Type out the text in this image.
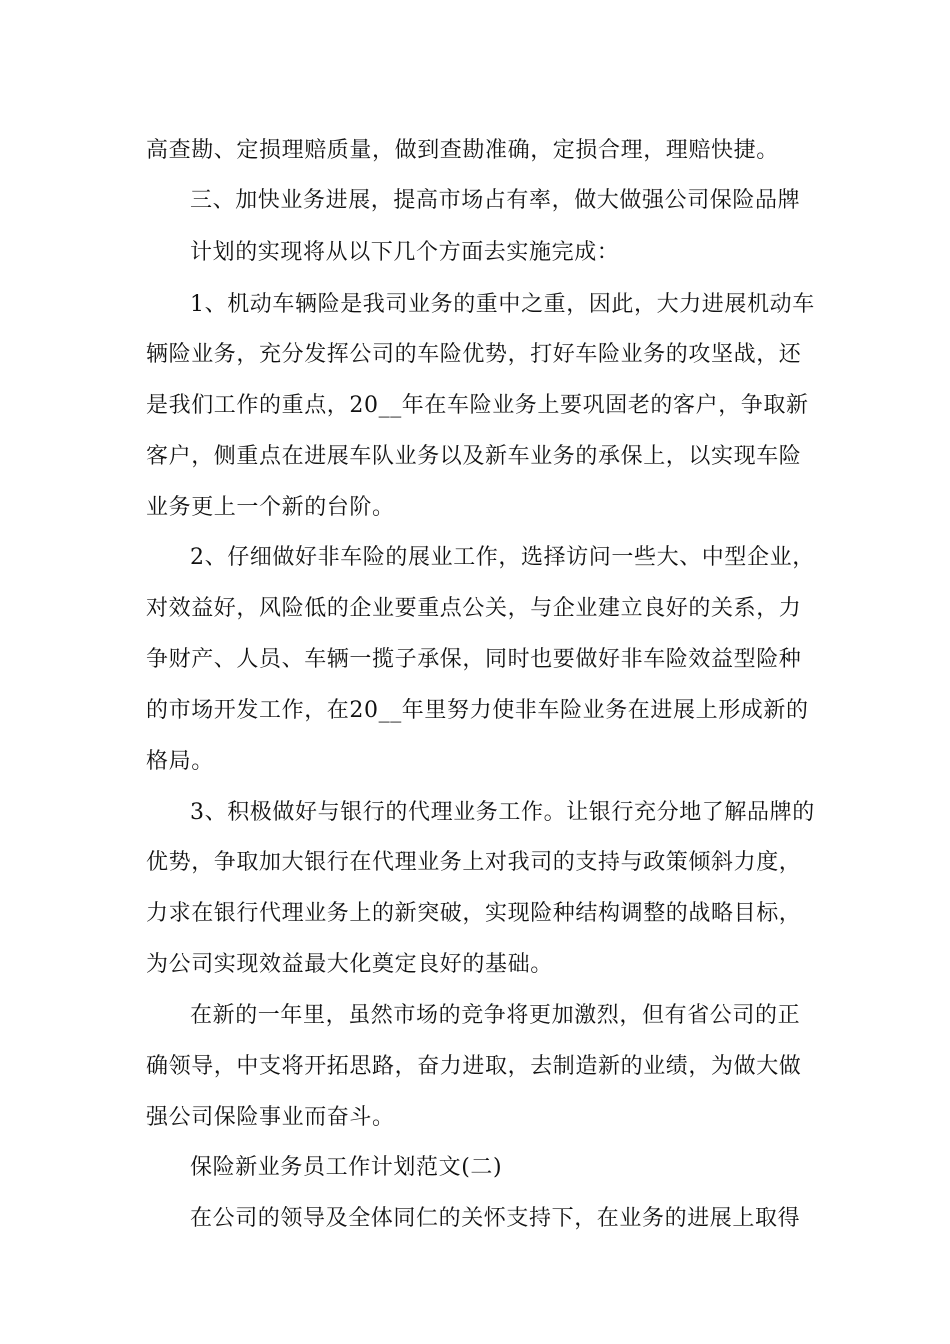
高查勘、定损理赔质量，做到查勘准确，定损合理，理赔快捷。

三、加快业务进展，提高市场占有率，做大做强公司保险品牌

计划的实现将从以下几个方面去实施完成：

1、机动车辆险是我司业务的重中之重，因此，大力进展机动车

辆险业务，充分发挥公司的车险优势，打好车险业务的攻坚战，还

是我们工作的重点，20__年在车险业务上要巩固老的客户，争取新

客户，侧重点在进展车队业务以及新车业务的承保上，以实现车险

业务更上一个新的台阶。

2、仔细做好非车险的展业工作，选择访问一些大、中型企业，

对效益好，风险低的企业要重点公关，与企业建立良好的关系，力

争财产、人员、车辆一揽子承保，同时也要做好非车险效益型险种

的市场开发工作，在20__年里努力使非车险业务在进展上形成新的

格局。

3、积极做好与银行的代理业务工作。让银行充分地了解品牌的

优势，争取加大银行在代理业务上对我司的支持与政策倾斜力度，

力求在银行代理业务上的新突破，实现险种结构调整的战略目标，

为公司实现效益最大化奠定良好的基础。

在新的一年里，虽然市场的竞争将更加激烈，但有省公司的正

确领导，中支将开拓思路，奋力进取，去制造新的业绩，为做大做

强公司保险事业而奋斗。

保险新业务员工作计划范文(二)

在公司的领导及全体同仁的关怀支持下，在业务的进展上取得
